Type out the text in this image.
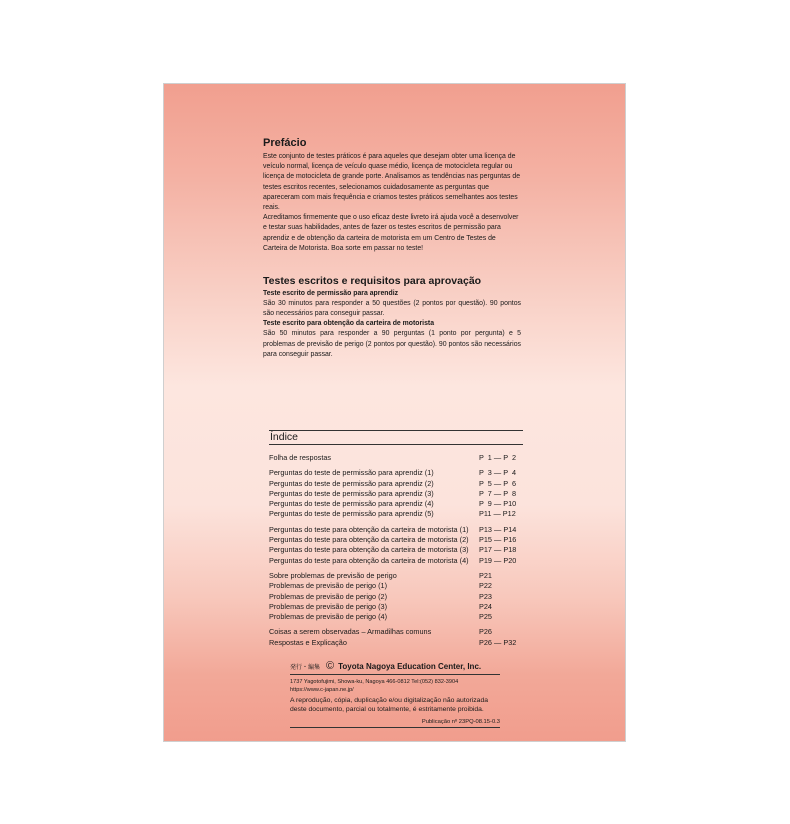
Prefácio

Este conjunto de testes práticos é para aqueles que desejam obter uma licença de veículo normal, licença de veículo quase médio, licença de motocicleta regular ou licença de motocicleta de grande porte. Analisamos as tendências nas perguntas de testes escritos recentes, selecionamos cuidadosamente as perguntas que apareceram com mais frequência e criamos testes práticos semelhantes aos testes reais.

Acreditamos firmemente que o uso eficaz deste livreto irá ajuda você a desenvolver e testar suas habilidades, antes de fazer os testes escritos de permissão para aprendiz e de obtenção da carteira de motorista em um Centro de Testes de Carteira de Motorista. Boa sorte em passar no teste!

Testes escritos e requisitos para aprovação

Teste escrito de permissão para aprendiz

São 30 minutos para responder a 50 questões (2 pontos por questão). 90 pontos são necessários para conseguir passar.

Teste escrito para obtenção da carteira de motorista

São 50 minutos para responder a 90 perguntas (1 ponto por pergunta) e 5 problemas de previsão de perigo (2 pontos por questão). 90 pontos são necessários para conseguir passar.

Índice
Folha de respostas	P  1 — P  2
Perguntas do teste de permissão para aprendiz (1)	P  3 — P  4
Perguntas do teste de permissão para aprendiz (2)	P  5 — P  6
Perguntas do teste de permissão para aprendiz (3)	P  7 — P  8
Perguntas do teste de permissão para aprendiz (4)	P  9 — P10
Perguntas do teste de permissão para aprendiz (5)	P11 — P12
Perguntas do teste para obtenção da carteira de motorista (1) P13 — P14
Perguntas do teste para obtenção da carteira de motorista (2) P15 — P16
Perguntas do teste para obtenção da carteira de motorista (3) P17 — P18
Perguntas do teste para obtenção da carteira de motorista (4) P19 — P20
Sobre problemas de previsão de perigo	P21
Problemas de previsão de perigo (1)	P22
Problemas de previsão de perigo (2)	P23
Problemas de previsão de perigo (3)	P24
Problemas de previsão de perigo (4)	P25
Coisas a serem observadas – Armadilhas comuns	P26
Respostas e Explicação	P26 — P32
発行・編集 © Toyota Nagoya Education Center, Inc.

1737 Yagotofujimi, Showa-ku, Nagoya 466-0812 Tel:(052) 832-3904

https://www.c-japan.ne.jp/

A reprodução, cópia, duplicação e/ou digitalização não autorizada deste documento, parcial ou totalmente, é estritamente proibida.

Publicação nº 23PQ-08.15-0.3
